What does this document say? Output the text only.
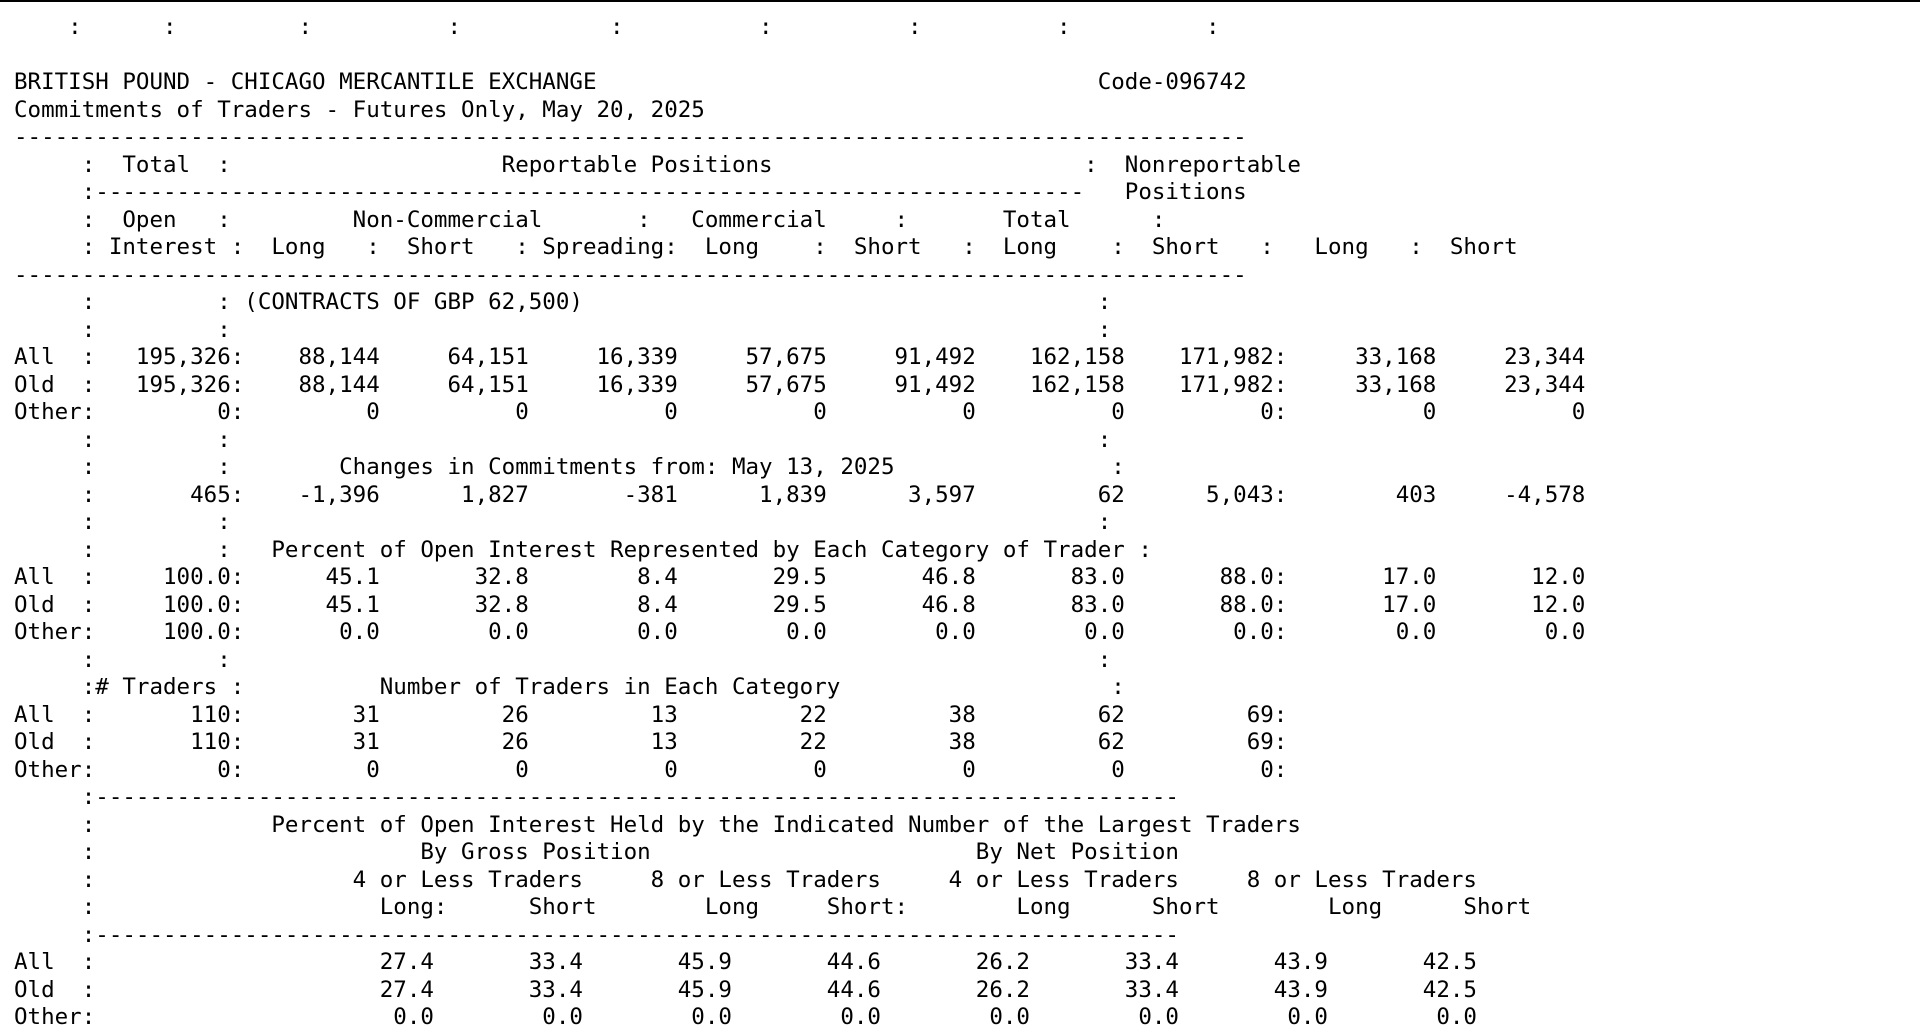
:      :         :          :           :          :          :          :          :
BRITISH POUND - CHICAGO MERCANTILE EXCHANGE                                     Code-096742
Commitments of Traders - Futures Only, May 20, 2025
-------------------------------------------------------------------------------------------
:  Total  :                    Reportable Positions                       :  Nonreportable
:-------------------------------------------------------------------------   Positions
:  Open   :         Non-Commercial       :   Commercial     :       Total      :
: Interest :  Long   :  Short   : Spreading:  Long    :  Short   :  Long    :  Short   :   Long   :  Short
-------------------------------------------------------------------------------------------
:         : (CONTRACTS OF GBP 62,500)                                      :
:         :                                                                :
All  :   195,326:    88,144     64,151     16,339     57,675     91,492    162,158    171,982:     33,168     23,344
Old  :   195,326:    88,144     64,151     16,339     57,675     91,492    162,158    171,982:     33,168     23,344
Other:         0:         0          0          0          0          0          0          0:          0          0
:         :                                                                :
:         :        Changes in Commitments from: May 13, 2025                :
:       465:    -1,396      1,827       -381      1,839      3,597         62      5,043:        403     -4,578
:         :                                                                :
:         :   Percent of Open Interest Represented by Each Category of Trader :
All  :     100.0:      45.1       32.8        8.4       29.5       46.8       83.0       88.0:       17.0       12.0
Old  :     100.0:      45.1       32.8        8.4       29.5       46.8       83.0       88.0:       17.0       12.0
Other:     100.0:       0.0        0.0        0.0        0.0        0.0        0.0        0.0:        0.0        0.0
:         :                                                                :
:# Traders :          Number of Traders in Each Category                    :
All  :       110:        31         26         13         22         38         62         69:
Old  :       110:        31         26         13         22         38         62         69:
Other:         0:         0          0          0          0          0          0          0:
:--------------------------------------------------------------------------------
:             Percent of Open Interest Held by the Indicated Number of the Largest Traders
:                        By Gross Position                        By Net Position
:                   4 or Less Traders     8 or Less Traders     4 or Less Traders     8 or Less Traders
:                     Long:      Short        Long     Short:        Long      Short        Long      Short
:--------------------------------------------------------------------------------
All  :                     27.4       33.4       45.9       44.6       26.2       33.4       43.9       42.5
Old  :                     27.4       33.4       45.9       44.6       26.2       33.4       43.9       42.5
Other:                      0.0        0.0        0.0        0.0        0.0        0.0        0.0        0.0
